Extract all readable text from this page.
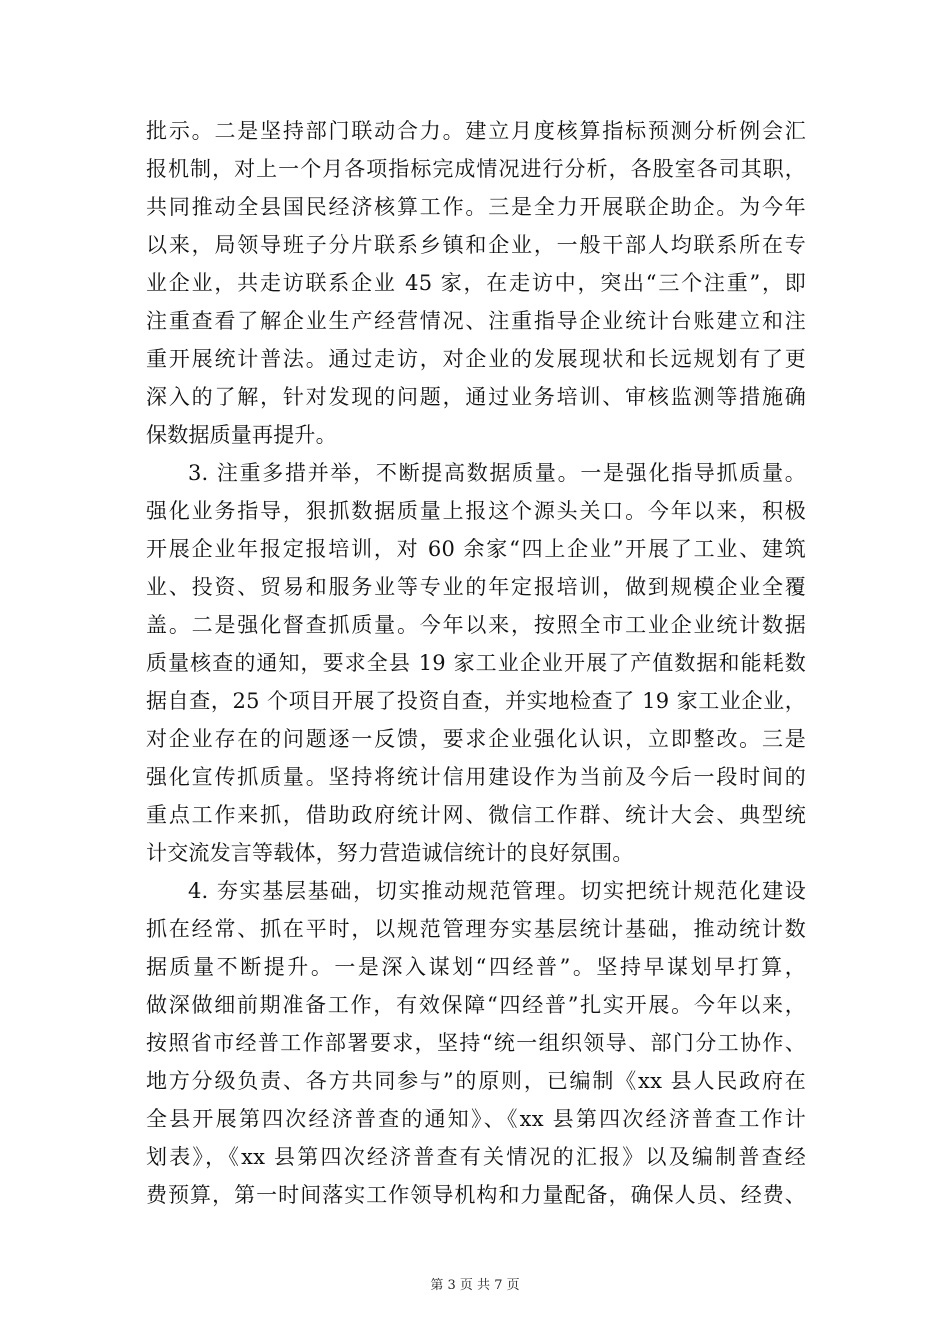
批示。二是坚持部门联动合力。建立月度核算指标预测分析例会汇
报机制，对上一个月各项指标完成情况进行分析，各股室各司其职，
共同推动全县国民经济核算工作。三是全力开展联企助企。为今年
以来，局领导班子分片联系乡镇和企业，一般干部人均联系所在专
业企业，共走访联系企业 45 家，在走访中，突出“三个注重”，即
注重查看了解企业生产经营情况、注重指导企业统计台账建立和注
重开展统计普法。通过走访，对企业的发展现状和长远规划有了更
深入的了解，针对发现的问题，通过业务培训、审核监测等措施确
保数据质量再提升。
3. 注重多措并举，不断提高数据质量。一是强化指导抓质量。
强化业务指导，狠抓数据质量上报这个源头关口。今年以来，积极
开展企业年报定报培训，对 60 余家“四上企业”开展了工业、建筑
业、投资、贸易和服务业等专业的年定报培训，做到规模企业全覆
盖。二是强化督查抓质量。今年以来，按照全市工业企业统计数据
质量核查的通知，要求全县 19 家工业企业开展了产值数据和能耗数
据自查，25 个项目开展了投资自查，并实地检查了 19 家工业企业，
对企业存在的问题逐一反馈，要求企业强化认识，立即整改。三是
强化宣传抓质量。坚持将统计信用建设作为当前及今后一段时间的
重点工作来抓，借助政府统计网、微信工作群、统计大会、典型统
计交流发言等载体，努力营造诚信统计的良好氛围。
4. 夯实基层基础，切实推动规范管理。切实把统计规范化建设
抓在经常、抓在平时，以规范管理夯实基层统计基础，推动统计数
据质量不断提升。一是深入谋划“四经普”。坚持早谋划早打算，
做深做细前期准备工作，有效保障“四经普”扎实开展。今年以来，
按照省市经普工作部署要求，坚持“统一组织领导、部门分工协作、
地方分级负责、各方共同参与”的原则，已编制《xx 县人民政府在
全县开展第四次经济普查的通知》、《xx 县第四次经济普查工作计
划表》，《xx 县第四次经济普查有关情况的汇报》以及编制普查经
费预算，第一时间落实工作领导机构和力量配备，确保人员、经费、
第 3 页 共 7 页
